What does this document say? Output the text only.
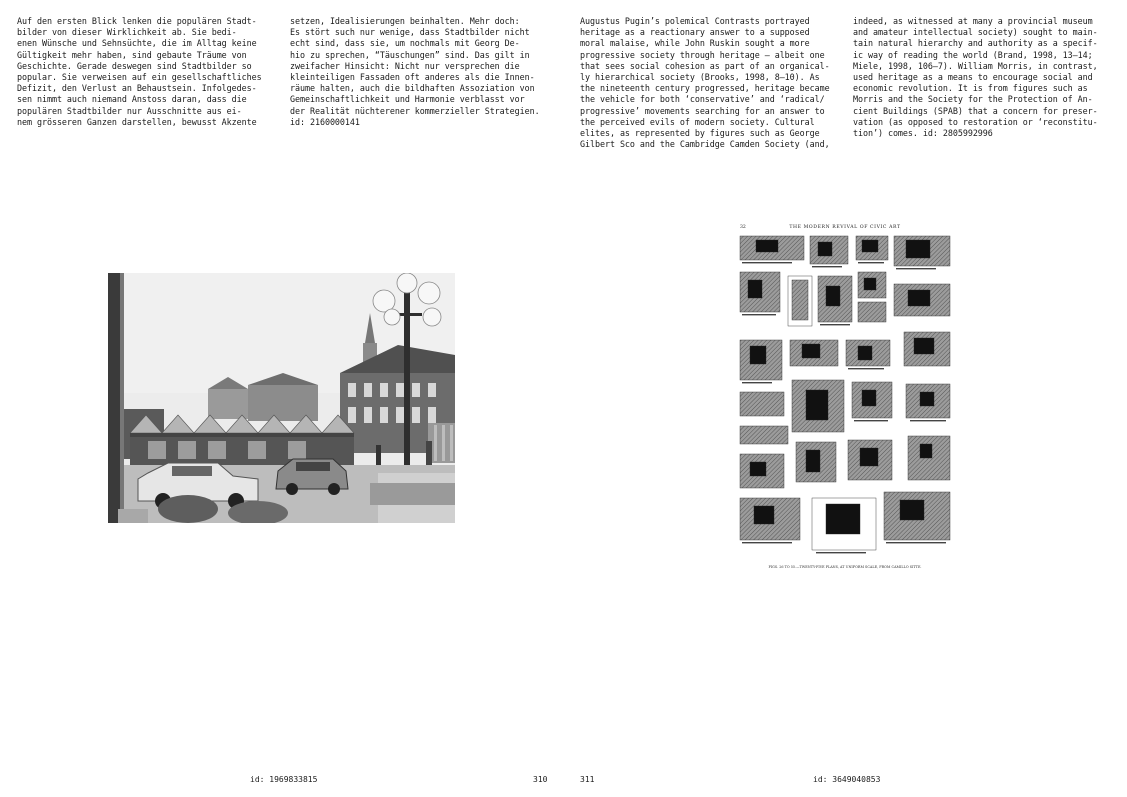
Auf den ersten Blick lenken die populären Stadt-
bilder von dieser Wirklichkeit ab. Sie bedi-
enen Wünsche und Sehnsüchte, die im Alltag keine
Gültigkeit mehr haben, sind gebaute Träume von
Geschichte. Gerade deswegen sind Stadtbilder so
popular. Sie verweisen auf ein gesellschaftliches
Defizit, den Verlust an Behaustsein. Infolgedes-
sen nimmt auch niemand Anstoss daran, dass die
populären Stadtbilder nur Ausschnitte aus ei-
nem grösseren Ganzen darstellen, bewusst Akzente
setzen, Idealisierungen beinhalten. Mehr doch:
Es stört such nur wenige, dass Stadtbilder nicht
echt sind, dass sie, um nochmals mit Georg De-
hio zu sprechen, “Täuschungen” sind. Das gilt in
zweifacher Hinsicht: Nicht nur versprechen die
kleinteiligen Fassaden oft anderes als die Innen-
räume halten, auch die bildhaften Assoziation von
Gemeinschaftlichkeit und Harmonie verblasst vor
der Realität nüchterener kommerzieller Strategien.
id: 2160000141
id: 1969833815	310
Augustus Pugin’s polemical Contrasts portrayed
heritage as a reactionary answer to a supposed
moral malaise, while John Ruskin sought a more
progressive society through heritage – albeit one
that sees social cohesion as part of an organical-
ly hierarchical society (Brooks, 1998, 8–10). As
the nineteenth century progressed, heritage became
the vehicle for both ‘conservative’ and ‘radical/
progressive’ movements searching for an answer to
the perceived evils of modern society. Cultural
elites, as represented by figures such as George
Gilbert Sco and the Cambridge Camden Society (and,
indeed, as witnessed at many a provincial museum
and amateur intellectual society) sought to main-
tain natural hierarchy and authority as a specif-
ic way of reading the world (Brand, 1998, 13–14;
Miele, 1998, 106–7). William Morris, in contrast,
used heritage as a means to encourage social and
economic revolution. It is from figures such as
Morris and the Society for the Protection of An-
cient Buildings (SPAB) that a concern for preser-
vation (as opposed to restoration or ‘reconstitu-
tion’) comes. id: 2805992996
32	THE MODERN REVIVAL OF CIVIC ART
FIGS. 26 TO 55.—TWENTY-FIVE PLANS, AT UNIFORM SCALE, FROM CAMILLO SITTE.
311	id: 3649040853
